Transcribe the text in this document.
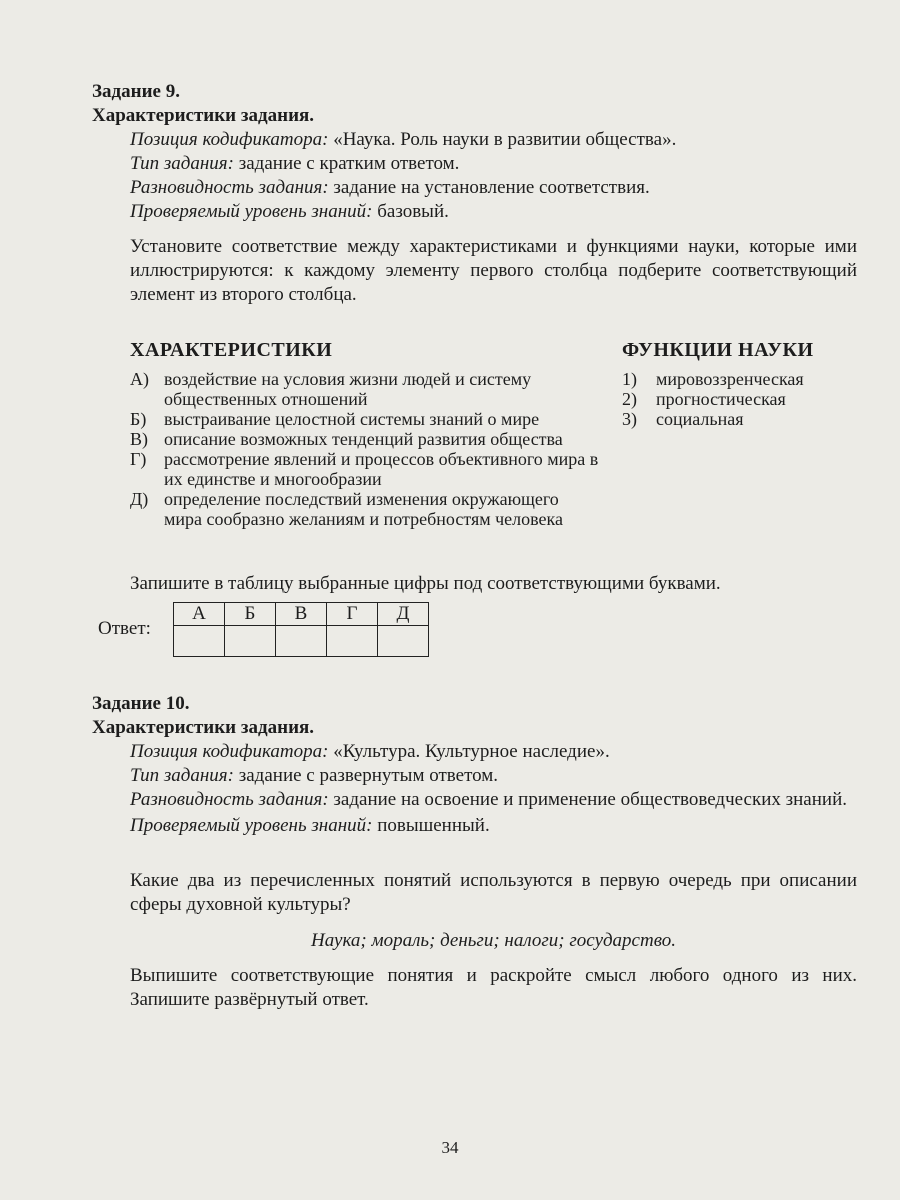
Задание 9.
Характеристики задания.
Позиция кодификатора: «Наука. Роль науки в развитии общества».
Тип задания: задание с кратким ответом.
Разновидность задания: задание на установление соответствия.
Проверяемый уровень знаний: базовый.
Установите соответствие между характеристиками и функциями науки, которые ими иллюстрируются: к каждому элементу первого столбца подберите соответствующий элемент из второго столбца.
ХАРАКТЕРИСТИКИ	ФУНКЦИИ НАУКИ
А) воздействие на условия жизни людей и систему общественных отношений
Б) выстраивание целостной системы знаний о мире
В) описание возможных тенденций развития общества
Г) рассмотрение явлений и процессов объективного мира в их единстве и многообразии
Д) определение последствий изменения окружающего мира сообразно желаниям и потребностям человека
1)	мировоззренческая
2)	прогностическая
3)	социальная
Запишите в таблицу выбранные цифры под соответствующими буквами.
Ответ:
А	Б	В	Г	Д

Задание 10.
Характеристики задания.
Позиция кодификатора: «Культура. Культурное наследие».
Тип задания: задание с развернутым ответом.
Разновидность задания: задание на освоение и применение обществоведческих знаний.
Проверяемый уровень знаний: повышенный.
Какие два из перечисленных понятий используются в первую очередь при описании сферы духовной культуры?
Наука; мораль; деньги; налоги; государство.
Выпишите соответствующие понятия и раскройте смысл любого одного из них. Запишите развёрнутый ответ.
34
